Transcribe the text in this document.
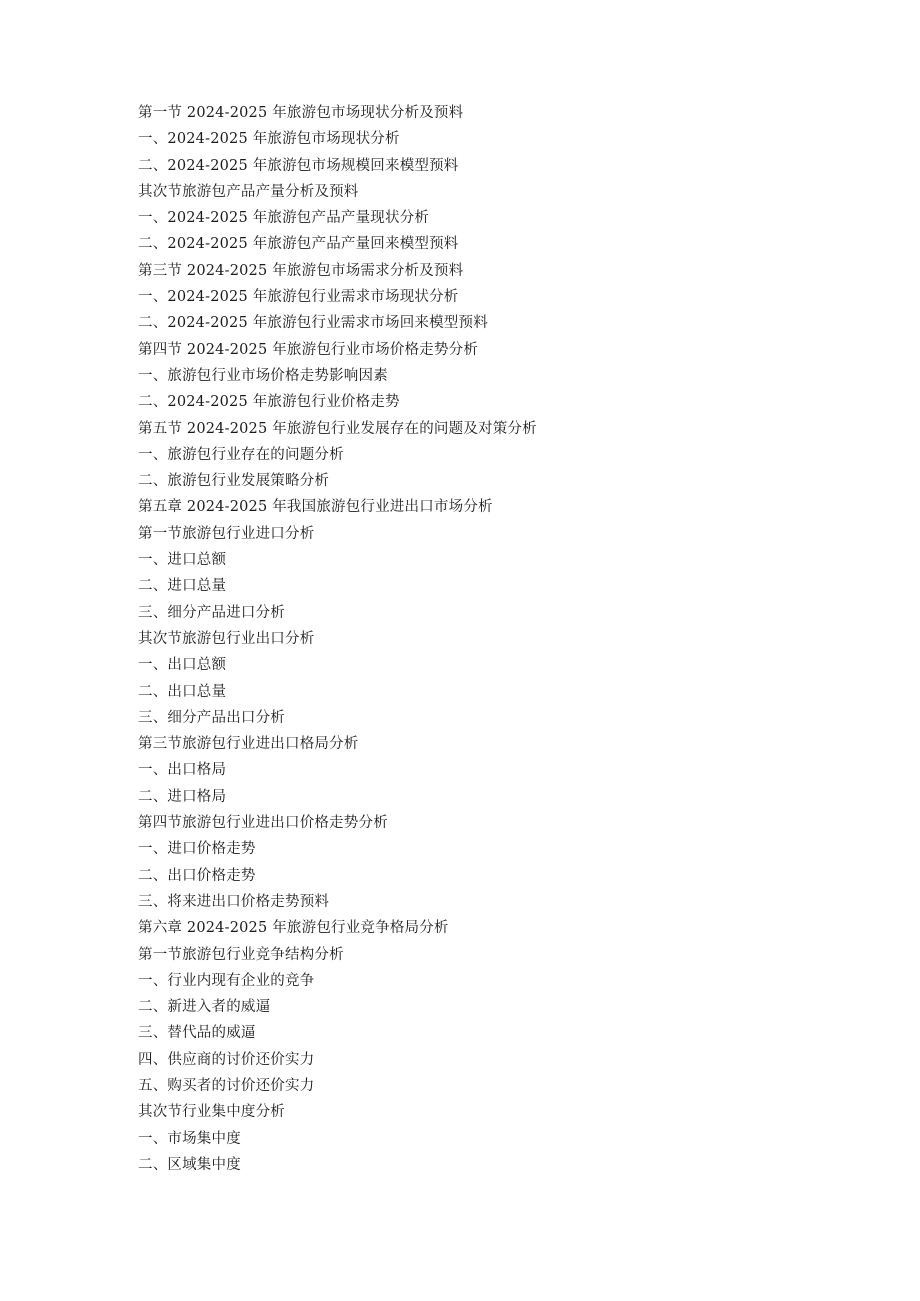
第一节 2024-2025 年旅游包市场现状分析及预料
一、2024-2025 年旅游包市场现状分析
二、2024-2025 年旅游包市场规模回来模型预料
其次节旅游包产品产量分析及预料
一、2024-2025 年旅游包产品产量现状分析
二、2024-2025 年旅游包产品产量回来模型预料
第三节 2024-2025 年旅游包市场需求分析及预料
一、2024-2025 年旅游包行业需求市场现状分析
二、2024-2025 年旅游包行业需求市场回来模型预料
第四节 2024-2025 年旅游包行业市场价格走势分析
一、旅游包行业市场价格走势影响因素
二、2024-2025 年旅游包行业价格走势
第五节 2024-2025 年旅游包行业发展存在的问题及对策分析
一、旅游包行业存在的问题分析
二、旅游包行业发展策略分析
第五章 2024-2025 年我国旅游包行业进出口市场分析
第一节旅游包行业进口分析
一、进口总额
二、进口总量
三、细分产品进口分析
其次节旅游包行业出口分析
一、出口总额
二、出口总量
三、细分产品出口分析
第三节旅游包行业进出口格局分析
一、出口格局
二、进口格局
第四节旅游包行业进出口价格走势分析
一、进口价格走势
二、出口价格走势
三、将来进出口价格走势预料
第六章 2024-2025 年旅游包行业竞争格局分析
第一节旅游包行业竞争结构分析
一、行业内现有企业的竞争
二、新进入者的威逼
三、替代品的威逼
四、供应商的讨价还价实力
五、购买者的讨价还价实力
其次节行业集中度分析
一、市场集中度
二、区域集中度
